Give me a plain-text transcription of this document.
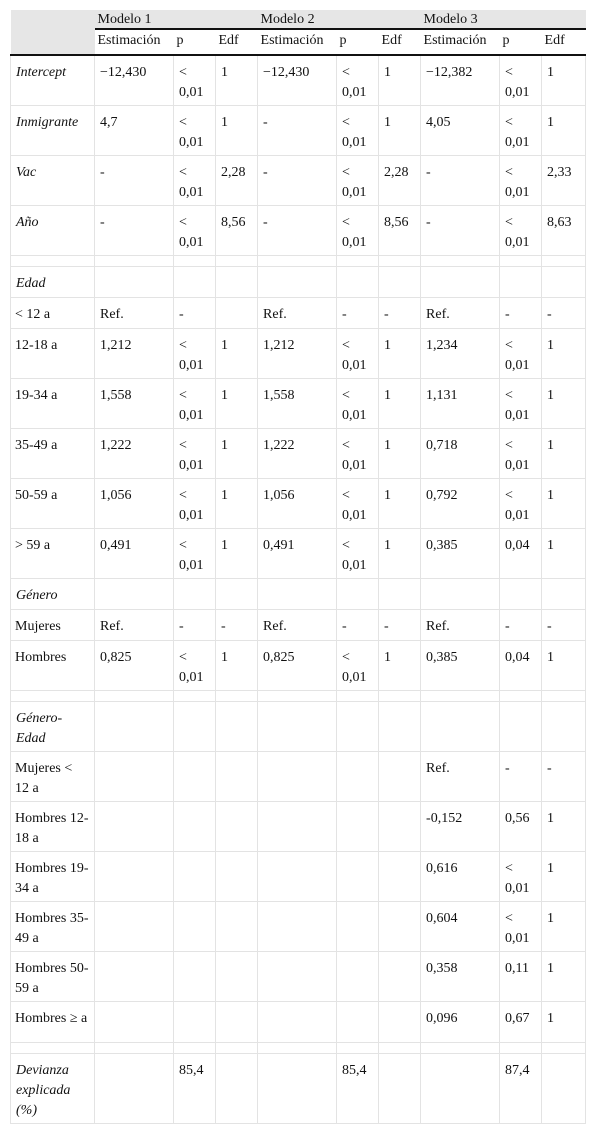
	Modelo 1			Modelo 2			Modelo 3		
	Estimación	p	Edf	Estimación	p	Edf	Estimación	p	Edf
Intercept	−12,430	< 0,01	1	−12,430	< 0,01	1	−12,382	< 0,01	1
Inmigrante	4,7	< 0,01	1	-	< 0,01	1	4,05	< 0,01	1
Vac	-	< 0,01	2,28	-	< 0,01	2,28	-	< 0,01	2,33
Año	-	< 0,01	8,56	-	< 0,01	8,56	-	< 0,01	8,63

Edad									
< 12 a	Ref.	-		Ref.	-	-	Ref.	-	-
12-18 a	1,212	< 0,01	1	1,212	< 0,01	1	1,234	< 0,01	1
19-34 a	1,558	< 0,01	1	1,558	< 0,01	1	1,131	< 0,01	1
35-49 a	1,222	< 0,01	1	1,222	< 0,01	1	0,718	< 0,01	1
50-59 a	1,056	< 0,01	1	1,056	< 0,01	1	0,792	< 0,01	1
> 59 a	0,491	< 0,01	1	0,491	< 0,01	1	0,385	0,04	1
Género									
Mujeres	Ref.	-	-	Ref.	-	-	Ref.	-	-
Hombres	0,825	< 0,01	1	0,825	< 0,01	1	0,385	0,04	1

Género-Edad									
Mujeres < 12 a							Ref.	-	-
Hombres 12-18 a							-0,152	0,56	1
Hombres 19-34 a							0,616	< 0,01	1
Hombres 35-49 a							0,604	< 0,01	1
Hombres 50-59 a							0,358	0,11	1
Hombres ≥ a							0,096	0,67	1

Devianza explicada (%)		85,4			85,4			87,4	
